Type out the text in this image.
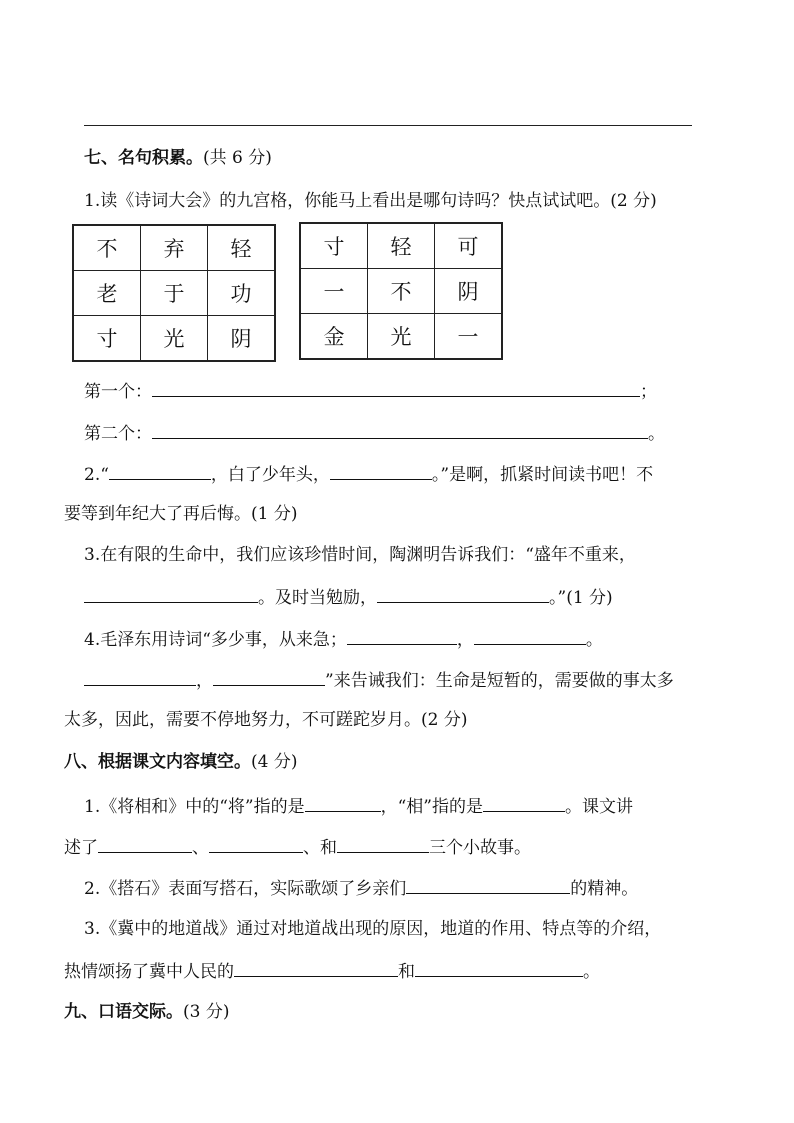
七、名句积累。(共 6 分)
1.读《诗词大会》的九宫格，你能马上看出是哪句诗吗？快点试试吧。(2 分)
不	弃	轻
老	于	功
寸	光	阴
寸	轻	可
一	不	阴
金	光	一
第一个：	；
第二个：	。
2.“	，白了少年头，	。”是啊，抓紧时间读书吧！不
要等到年纪大了再后悔。(1 分)
3.在有限的生命中，我们应该珍惜时间，陶渊明告诉我们：“盛年不重来，
。及时当勉励，	。”(1 分)
4.毛泽东用诗词“多少事，从来急；	，	。
，	”来告诫我们：生命是短暂的，需要做的事太多
太多，因此，需要不停地努力，不可蹉跎岁月。(2 分)
八、根据课文内容填空。(4 分)
1.《将相和》中的“将”指的是	，“相”指的是	。课文讲
述了	、	、和	三个小故事。
2.《搭石》表面写搭石，实际歌颂了乡亲们	的精神。
3.《冀中的地道战》通过对地道战出现的原因，地道的作用、特点等的介绍，
热情颂扬了冀中人民的	和	。
九、口语交际。(3 分)
